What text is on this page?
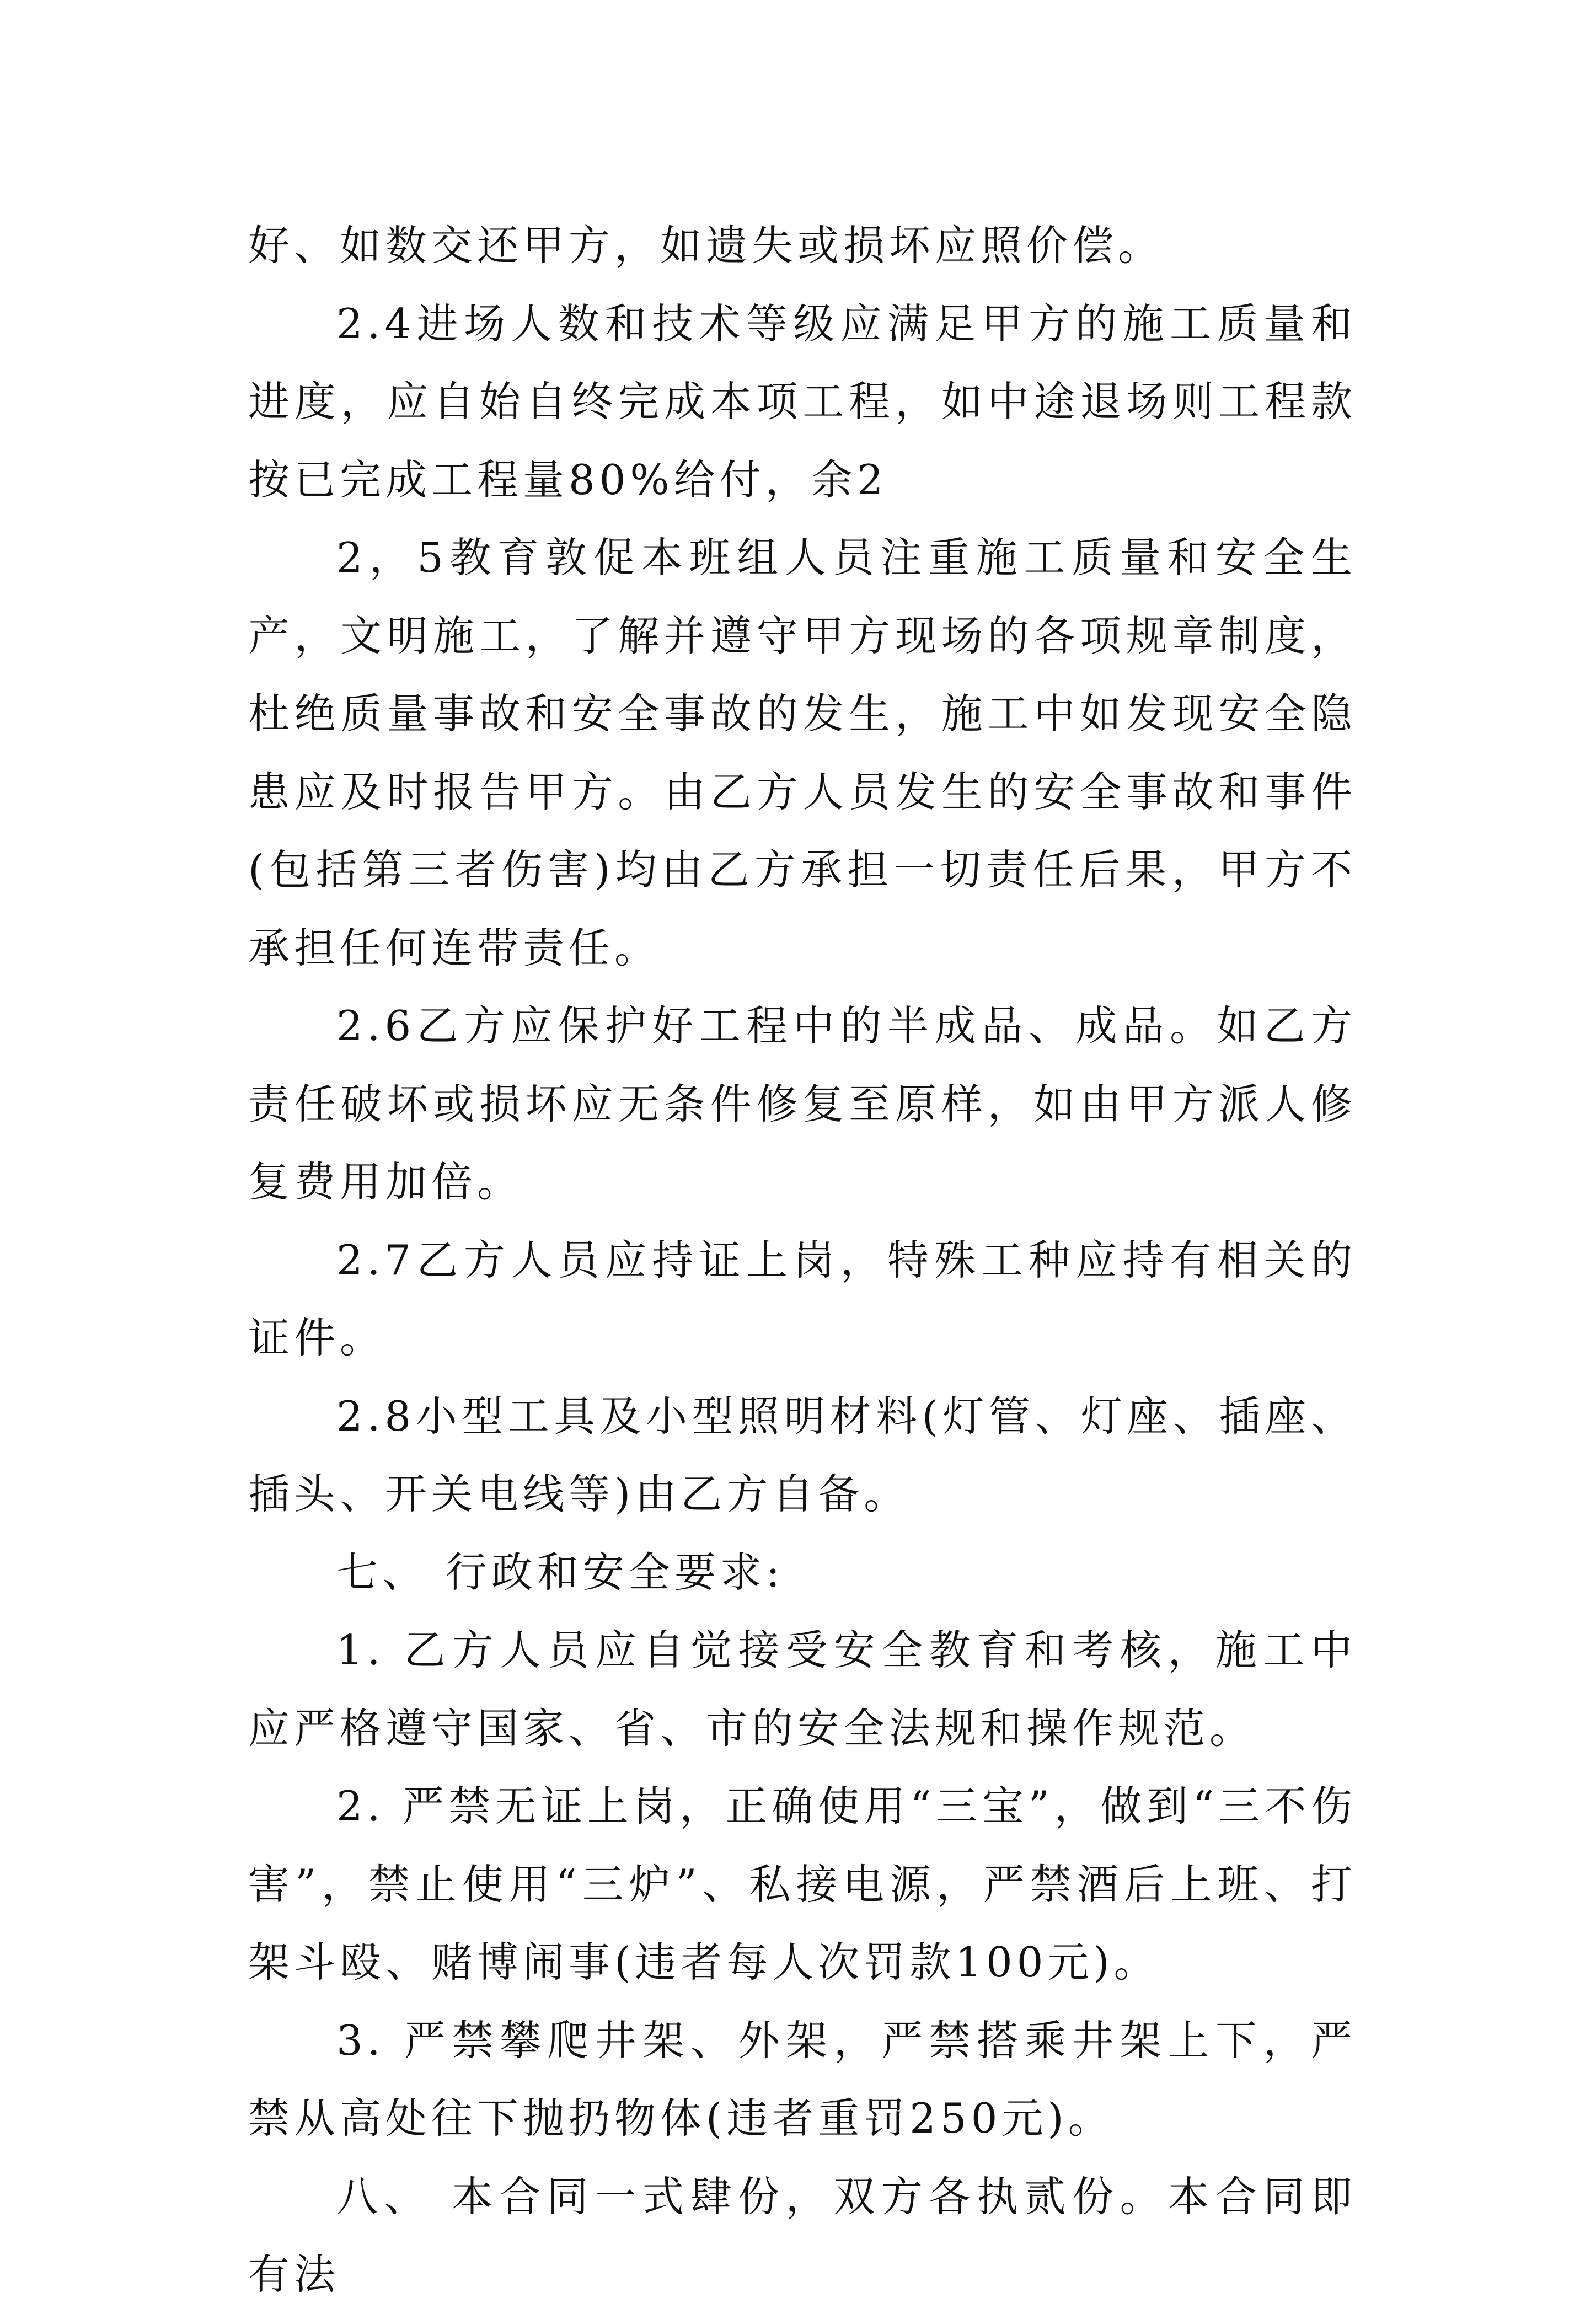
好、如数交还甲方，如遗失或损坏应照价偿。

2.4进场人数和技术等级应满足甲方的施工质量和进度，应自始自终完成本项工程，如中途退场则工程款按已完成工程量80%给付，余2

2，5教育敦促本班组人员注重施工质量和安全生产，文明施工，了解并遵守甲方现场的各项规章制度，杜绝质量事故和安全事故的发生，施工中如发现安全隐患应及时报告甲方。由乙方人员发生的安全事故和事件(包括第三者伤害)均由乙方承担一切责任后果，甲方不承担任何连带责任。

2.6乙方应保护好工程中的半成品、成品。如乙方责任破坏或损坏应无条件修复至原样，如由甲方派人修复费用加倍。

2.7乙方人员应持证上岗，特殊工种应持有相关的证件。

2.8小型工具及小型照明材料(灯管、灯座、插座、插头、开关电线等)由乙方自备。

七、 行政和安全要求:

1. 乙方人员应自觉接受安全教育和考核，施工中应严格遵守国家、省、市的安全法规和操作规范。

2. 严禁无证上岗，正确使用“三宝”，做到“三不伤害”，禁止使用“三炉”、私接电源，严禁酒后上班、打架斗殴、赌博闹事(违者每人次罚款100元)。

3. 严禁攀爬井架、外架，严禁搭乘井架上下，严禁从高处往下抛扔物体(违者重罚250元)。

八、 本合同一式肆份，双方各执贰份。本合同即有法
